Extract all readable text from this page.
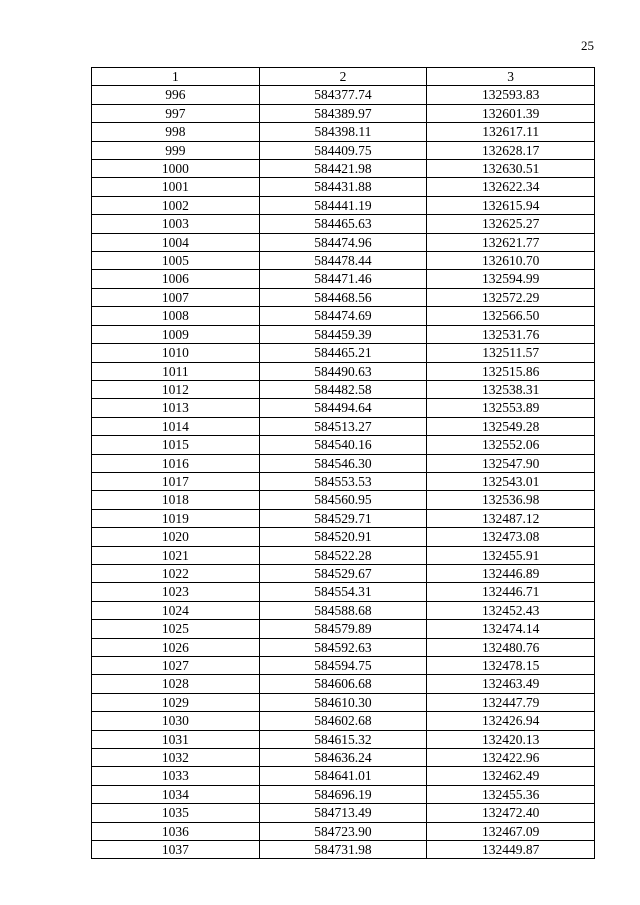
25
1	2	3
996	584377.74	132593.83
997	584389.97	132601.39
998	584398.11	132617.11
999	584409.75	132628.17
1000	584421.98	132630.51
1001	584431.88	132622.34
1002	584441.19	132615.94
1003	584465.63	132625.27
1004	584474.96	132621.77
1005	584478.44	132610.70
1006	584471.46	132594.99
1007	584468.56	132572.29
1008	584474.69	132566.50
1009	584459.39	132531.76
1010	584465.21	132511.57
1011	584490.63	132515.86
1012	584482.58	132538.31
1013	584494.64	132553.89
1014	584513.27	132549.28
1015	584540.16	132552.06
1016	584546.30	132547.90
1017	584553.53	132543.01
1018	584560.95	132536.98
1019	584529.71	132487.12
1020	584520.91	132473.08
1021	584522.28	132455.91
1022	584529.67	132446.89
1023	584554.31	132446.71
1024	584588.68	132452.43
1025	584579.89	132474.14
1026	584592.63	132480.76
1027	584594.75	132478.15
1028	584606.68	132463.49
1029	584610.30	132447.79
1030	584602.68	132426.94
1031	584615.32	132420.13
1032	584636.24	132422.96
1033	584641.01	132462.49
1034	584696.19	132455.36
1035	584713.49	132472.40
1036	584723.90	132467.09
1037	584731.98	132449.87
